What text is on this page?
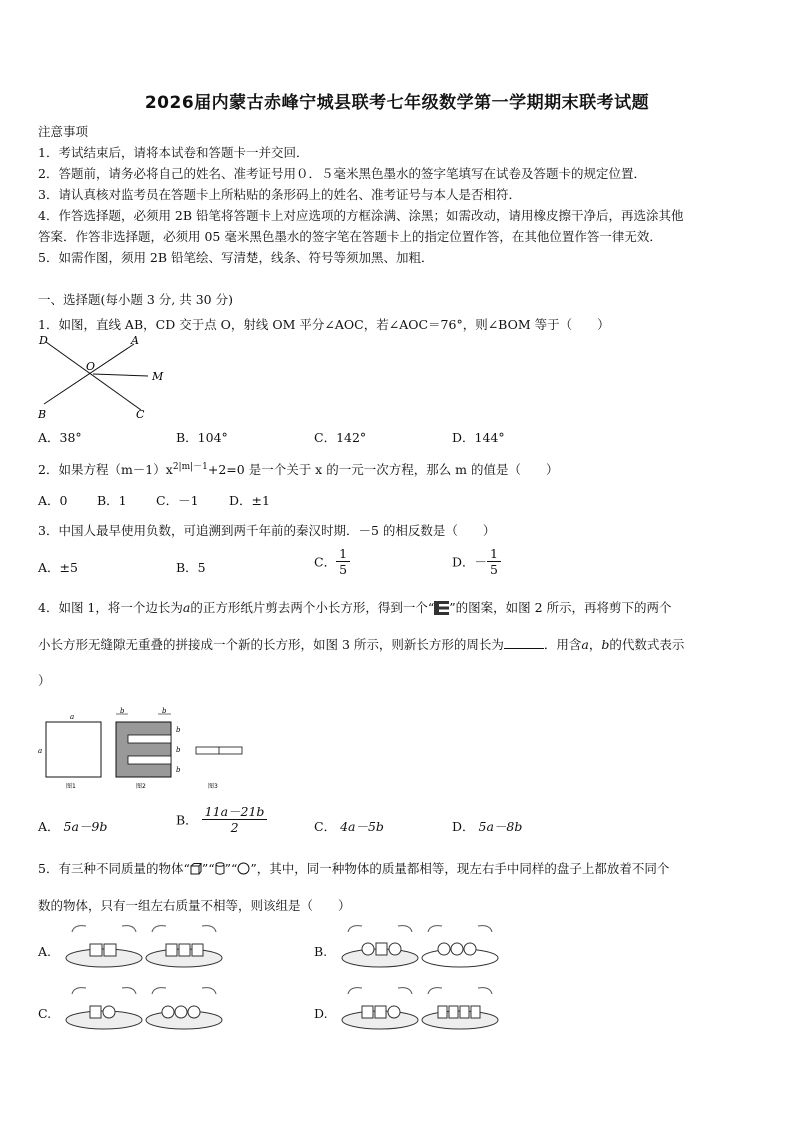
2026届内蒙古赤峰宁城县联考七年级数学第一学期期末联考试题
注意事项
1．考试结束后，请将本试卷和答题卡一并交回．
2．答题前，请务必将自己的姓名、准考证号用０．５毫米黑色墨水的签字笔填写在试卷及答题卡的规定位置．
3．请认真核对监考员在答题卡上所粘贴的条形码上的姓名、准考证号与本人是否相符．
4．作答选择题，必须用 2B 铅笔将答题卡上对应选项的方框涂满、涂黑；如需改动，请用橡皮擦干净后，再选涂其他
答案．作答非选择题，必须用 05 毫米黑色墨水的签字笔在答题卡上的指定位置作答，在其他位置作答一律无效．
5．如需作图，须用 2B 铅笔绘、写清楚，线条、符号等须加黑、加粗．
一、选择题(每小题 3 分, 共 30 分)
1．如图，直线 AB，CD 交于点 O，射线 OM 平分∠AOC，若∠AOC＝76°，则∠BOM 等于（　　）
D	A
O
M
B	C
A．38°	B．104°	C．142°	D．144°
2．如果方程$(m-1)x^{2|m|-1}+2=0$ 是一个关于 x 的一元一次方程，那么 m 的值是（　　）
A．0 B．1 C．－1 D．±1
3．中国人最早使用负数，可追溯到两千年前的秦汉时期．－5 的相反数是（　　）
A．±5	B．5	C． $\frac{1}{5}$	D．－ $\frac{1}{5}$
4．如图 1，将一个边长为a的正方形纸片剪去两个小长方形，得到一个“ ”的图案，如图 2 所示，再将剪下的两个
小长方形无缝隙无重叠的拼接成一个新的长方形，如图 3 所示，则新长方形的周长为	．用含a，b的代数式表示
）
a
a
图1
b	b
b
b
b
图2	图3
A． 5a－9b	B． $\frac{11a-21b}{2}$	C． 4a－5b	D． 5a－8b
5．有三种不同质量的物体“ ”“ ”“ ”，其中，同一种物体的质量都相等，现左右手中同样的盘子上都放着不同个
数的物体，只有一组左右质量不相等，则该组是（　　）
A.	B.
C.	D.
